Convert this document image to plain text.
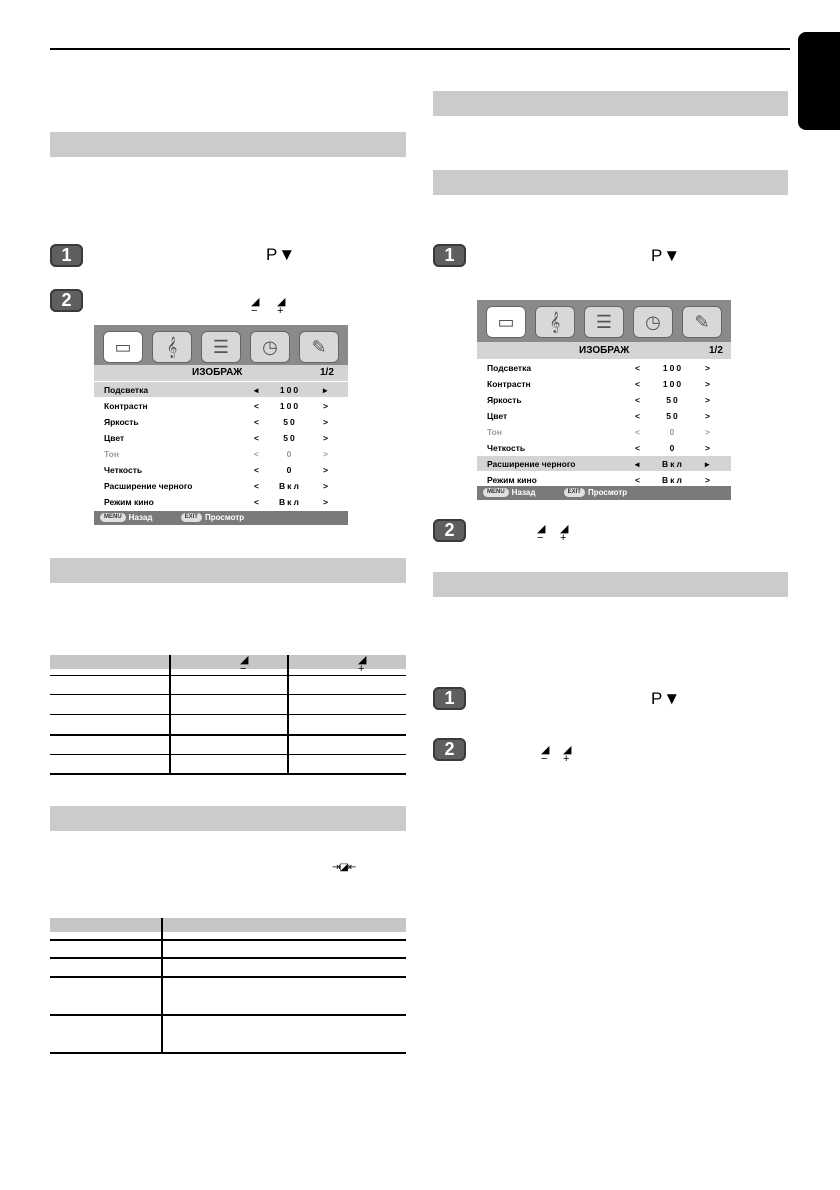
1	P▼
2	◢
−
◢
+
▭	𝄞	☰	◷	✎
ИЗОБРАЖ	1/2
Подсветка	◂	100	▸
Контрастн	<	100	>
Яркость	<	50	>
Цвет	<	50	>
Тон	<	0	>
Четкость	<	0	>
Расширение черного	<	Вкл	>
Режим кино	<	Вкл	>
MENU Назад	EXIT Просмотр
◢
−
◢
+
⇥◪⇤
1	P▼
▭	𝄞	☰	◷	✎
ИЗОБРАЖ	1/2
Подсветка	<	100	>
Контрастн	<	100	>
Яркость	<	50	>
Цвет	<	50	>
Тон	<	0	>
Четкость	<	0	>
Расширение черного	◂	Вкл	▸
Режим кино	<	Вкл	>
MENU Назад	EXIT Просмотр
2	◢
−
◢
+
1	P▼
2	◢
−
◢
+
